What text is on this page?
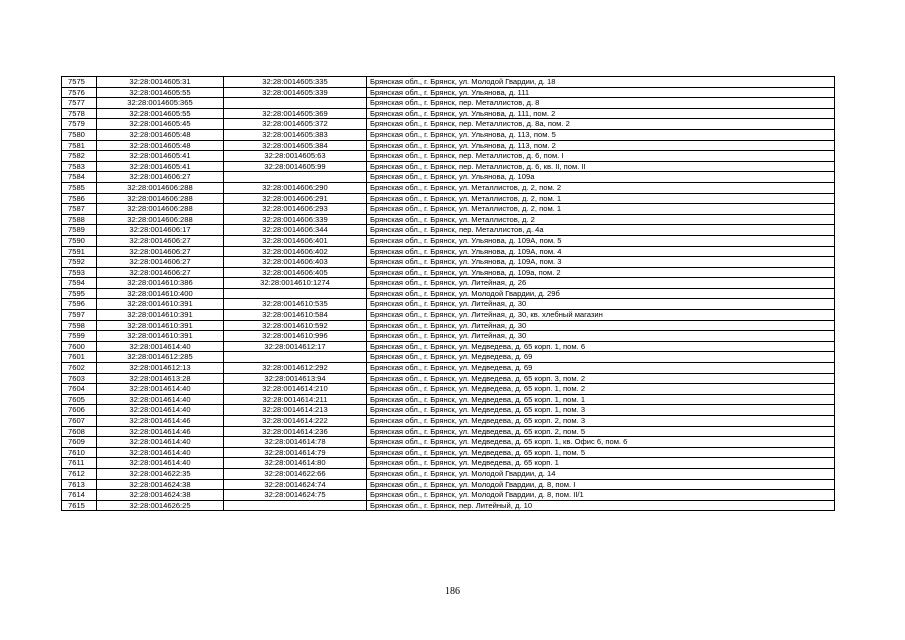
7575	32:28:0014605:31	32:28:0014605:335	Брянская обл., г. Брянск, ул. Молодой Гвардии, д. 18
7576	32:28:0014605:55	32:28:0014605:339	Брянская обл., г. Брянск, ул. Ульянова, д. 111
7577	32:28:0014605:365		Брянская обл., г. Брянск, пер. Металлистов, д. 8
7578	32:28:0014605:55	32:28:0014605:369	Брянская обл., г. Брянск, ул. Ульянова, д. 111, пом. 2
7579	32:28:0014605:45	32:28:0014605:372	Брянская обл., г. Брянск, пер. Металлистов, д. 8а, пом. 2
7580	32:28:0014605:48	32:28:0014605:383	Брянская обл., г. Брянск, ул. Ульянова, д. 113, пом. 5
7581	32:28:0014605:48	32:28:0014605:384	Брянская обл., г. Брянск, ул. Ульянова, д. 113, пом. 2
7582	32:28:0014605:41	32:28:0014605:63	Брянская обл., г. Брянск, пер. Металлистов, д. 6, пом. I
7583	32:28:0014605:41	32:28:0014605:99	Брянская обл., г. Брянск, пер. Металлистов, д. 6, кв. II, пом. II
7584	32:28:0014606:27		Брянская обл., г. Брянск, ул. Ульянова, д. 109а
7585	32:28:0014606:288	32:28:0014606:290	Брянская обл., г. Брянск, ул. Металлистов, д. 2, пом. 2
7586	32:28:0014606:288	32:28:0014606:291	Брянская обл., г. Брянск, ул. Металлистов, д. 2, пом. 1
7587	32:28:0014606:288	32:28:0014606:293	Брянская обл., г. Брянск, ул. Металлистов, д. 2, пом. 1
7588	32:28:0014606:288	32:28:0014606:339	Брянская обл., г. Брянск, ул. Металлистов, д. 2
7589	32:28:0014606:17	32:28:0014606:344	Брянская обл., г. Брянск, пер. Металлистов, д. 4а
7590	32:28:0014606:27	32:28:0014606:401	Брянская обл., г. Брянск, ул. Ульянова, д. 109А, пом. 5
7591	32:28:0014606:27	32:28:0014606:402	Брянская обл., г. Брянск, ул. Ульянова, д. 109А, пом. 4
7592	32:28:0014606:27	32:28:0014606:403	Брянская обл., г. Брянск, ул. Ульянова, д. 109А, пом. 3
7593	32:28:0014606:27	32:28:0014606:405	Брянская обл., г. Брянск, ул. Ульянова, д. 109а, пом. 2
7594	32:28:0014610:386	32:28:0014610:1274	Брянская обл., г. Брянск, ул. Литейная, д. 26
7595	32:28:0014610:400		Брянская обл., г. Брянск, ул. Молодой Гвардии, д. 29б
7596	32:28:0014610:391	32:28:0014610:535	Брянская обл., г. Брянск, ул. Литейная, д. 30
7597	32:28:0014610:391	32:28:0014610:584	Брянская обл., г. Брянск, ул. Литейная, д. 30, кв. хлебный магазин
7598	32:28:0014610:391	32:28:0014610:592	Брянская обл., г. Брянск, ул. Литейная, д. 30
7599	32:28:0014610:391	32:28:0014610:996	Брянская обл., г. Брянск, ул. Литейная, д. 30
7600	32:28:0014614:40	32:28:0014612:17	Брянская обл., г. Брянск, ул. Медведева, д. 65 корп. 1, пом. 6
7601	32:28:0014612:285		Брянская обл., г. Брянск, ул. Медведева, д. 69
7602	32:28:0014612:13	32:28:0014612:292	Брянская обл., г. Брянск, ул. Медведева, д. 69
7603	32:28:0014613:28	32:28:0014613:94	Брянская обл., г. Брянск, ул. Медведева, д. 65 корп. 3, пом. 2
7604	32:28:0014614:40	32:28:0014614:210	Брянская обл., г. Брянск, ул. Медведева, д. 65 корп. 1, пом. 2
7605	32:28:0014614:40	32:28:0014614:211	Брянская обл., г. Брянск, ул. Медведева, д. 65 корп. 1, пом. 1
7606	32:28:0014614:40	32:28:0014614:213	Брянская обл., г. Брянск, ул. Медведева, д. 65 корп. 1, пом. 3
7607	32:28:0014614:46	32:28:0014614:222	Брянская обл., г. Брянск, ул. Медведева, д. 65 корп. 2, пом. 3
7608	32:28:0014614:46	32:28:0014614:236	Брянская обл., г. Брянск, ул. Медведева, д. 65 корп. 2, пом. 5
7609	32:28:0014614:40	32:28:0014614:78	Брянская обл., г. Брянск, ул. Медведева, д. 65 корп. 1, кв. Офис 6, пом. 6
7610	32:28:0014614:40	32:28:0014614:79	Брянская обл., г. Брянск, ул. Медведева, д. 65 корп. 1, пом. 5
7611	32:28:0014614:40	32:28:0014614:80	Брянская обл., г. Брянск, ул. Медведева, д. 65 корп. 1
7612	32:28:0014622:35	32:28:0014622:66	Брянская обл., г. Брянск, ул. Молодой Гвардии, д. 14
7613	32:28:0014624:38	32:28:0014624:74	Брянская обл., г. Брянск, ул. Молодой Гвардии, д. 8, пом. I
7614	32:28:0014624:38	32:28:0014624:75	Брянская обл., г. Брянск, ул. Молодой Гвардии, д. 8, пом. II/1
7615	32:28:0014626:25		Брянская обл., г. Брянск, пер. Литейный, д. 10
186
